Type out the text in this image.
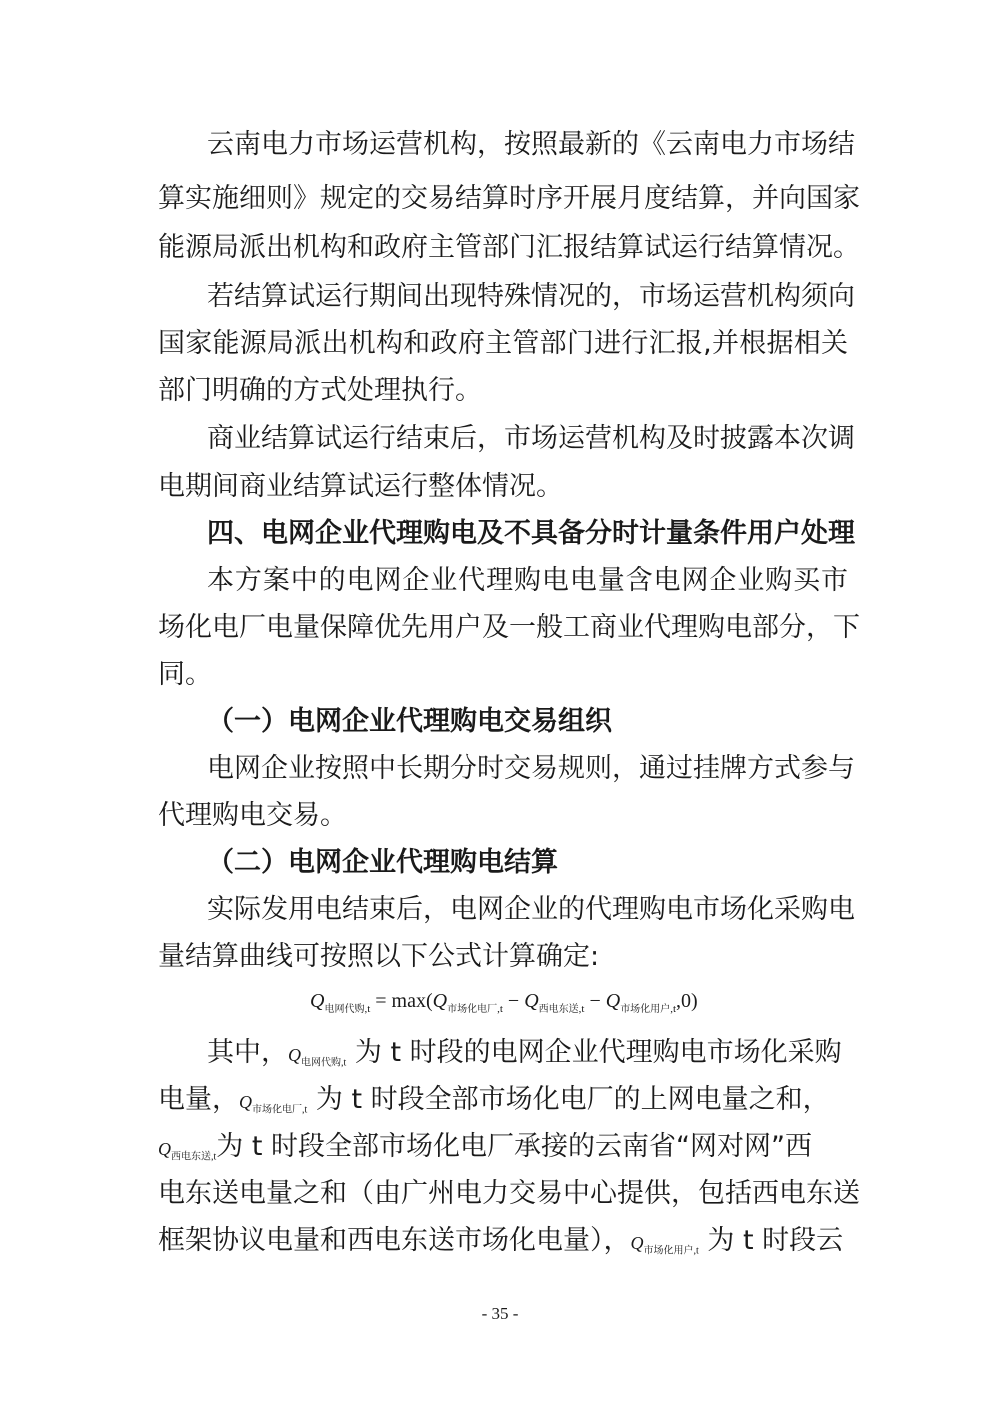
云南电力市场运营机构，按照最新的《云南电力市场结
算实施细则》规定的交易结算时序开展月度结算，并向国家
能源局派出机构和政府主管部门汇报结算试运行结算情况。
若结算试运行期间出现特殊情况的，市场运营机构须向
国家能源局派出机构和政府主管部门进行汇报,并根据相关
部门明确的方式处理执行。
商业结算试运行结束后，市场运营机构及时披露本次调
电期间商业结算试运行整体情况。
四、电网企业代理购电及不具备分时计量条件用户处理
本方案中的电网企业代理购电电量含电网企业购买市
场化电厂电量保障优先用户及一般工商业代理购电部分，下
同。
（一）电网企业代理购电交易组织
电网企业按照中长期分时交易规则，通过挂牌方式参与
代理购电交易。
（二）电网企业代理购电结算
实际发用电结束后，电网企业的代理购电市场化采购电
量结算曲线可按照以下公式计算确定:
$Q_{电网代购,t} = \max(Q_{市场化电厂,t} - Q_{西电东送,t} - Q_{市场化用户,t},0)$
其中，$Q_{电网代购,t}$ 为 t 时段的电网企业代理购电市场化采购
电量，$Q_{市场化电厂,t}$ 为 t 时段全部市场化电厂的上网电量之和，
$Q_{西电东送,t}$为 t 时段全部市场化电厂承接的云南省“网对网”西
电东送电量之和（由广州电力交易中心提供，包括西电东送
框架协议电量和西电东送市场化电量），$Q_{市场化用户,t}$ 为 t 时段云
- 35 -
